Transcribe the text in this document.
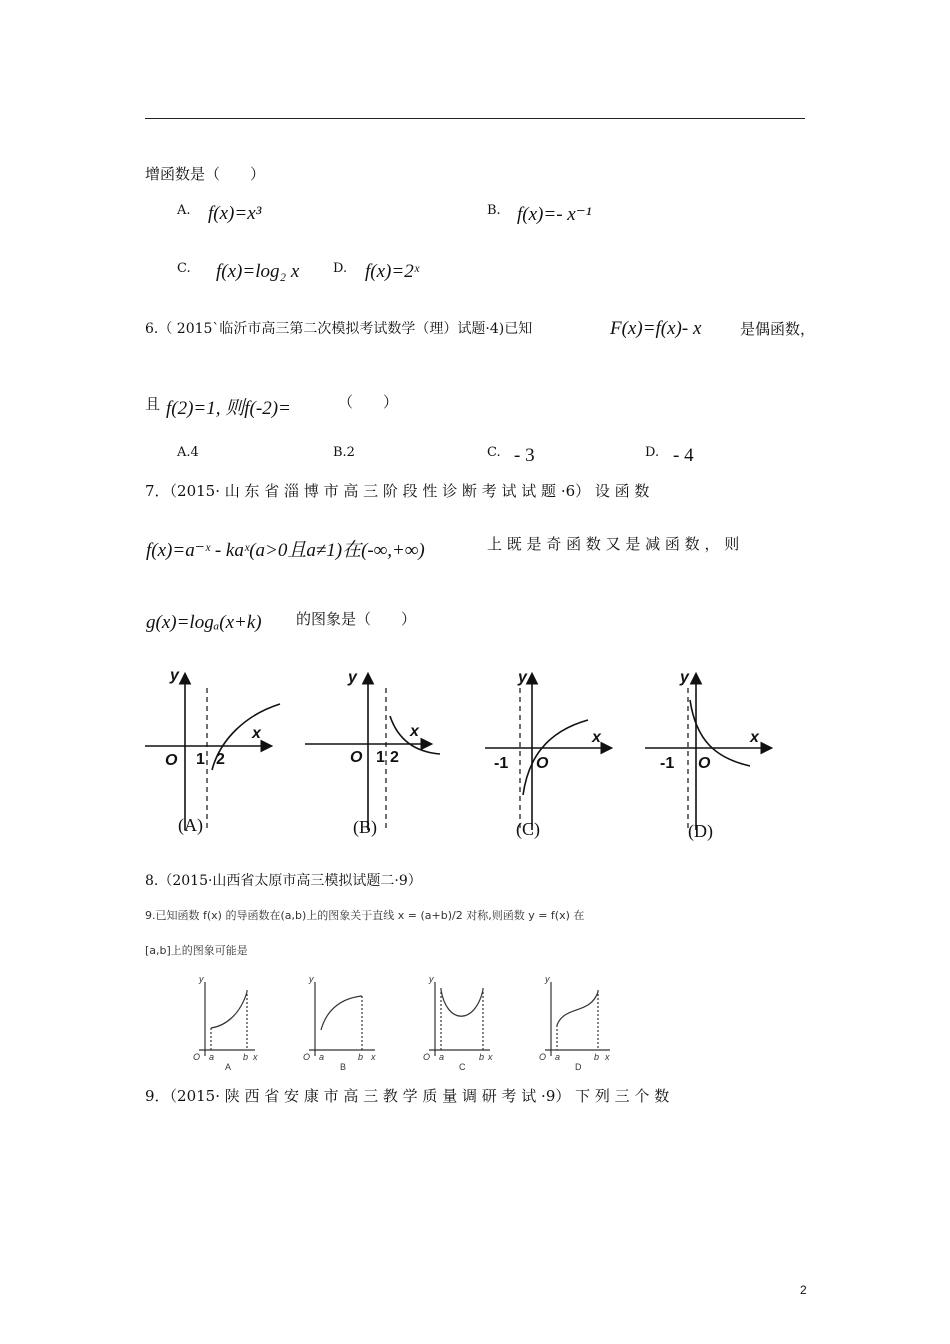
增函数是（　　）
A. f(x)=x³	B. f(x)=- x⁻¹
C. f(x)=log₂ x	D. f(x)=2ˣ
6.（ 2015`临沂市高三第二次模拟考试数学（理）试题·4)已知	F(x)=f(x)- x	是偶函数，
且 f(2)=1, 则f(-2)=	（　　）
A.4	B.2	C. - 3	D. - 4
7．（2015· 山 东 省 淄 博 市 高 三 阶 段 性 诊 断 考 试 试 题 ·6） 设 函 数
f(x)=a⁻ˣ - kaˣ(a>0且a≠1)在(-∞,+∞)	上 既 是 奇 函 数 又 是 减 函 数 ， 则
g(x)=logₐ(x+k) 的图象是（　　）
y
x
O 1 2
y
x
O 1 2
y
x
-1 O
y
x
-1 O
(A)	(B)	(C)	(D)
8.（2015·山西省太原市高三模拟试题二·9）
9.已知函数 f(x) 的导函数在(a,b)上的图象关于直线 x = (a+b)/2 对称,则函数 y = f(x) 在
[a,b]上的图象可能是
O a	b x
y
A
O a	b x
y
B
O a	b x
y
C
O a	b x
y
D
9．（2015· 陕 西 省 安 康 市 高 三 教 学 质 量 调 研 考 试 ·9） 下 列 三 个 数
2
